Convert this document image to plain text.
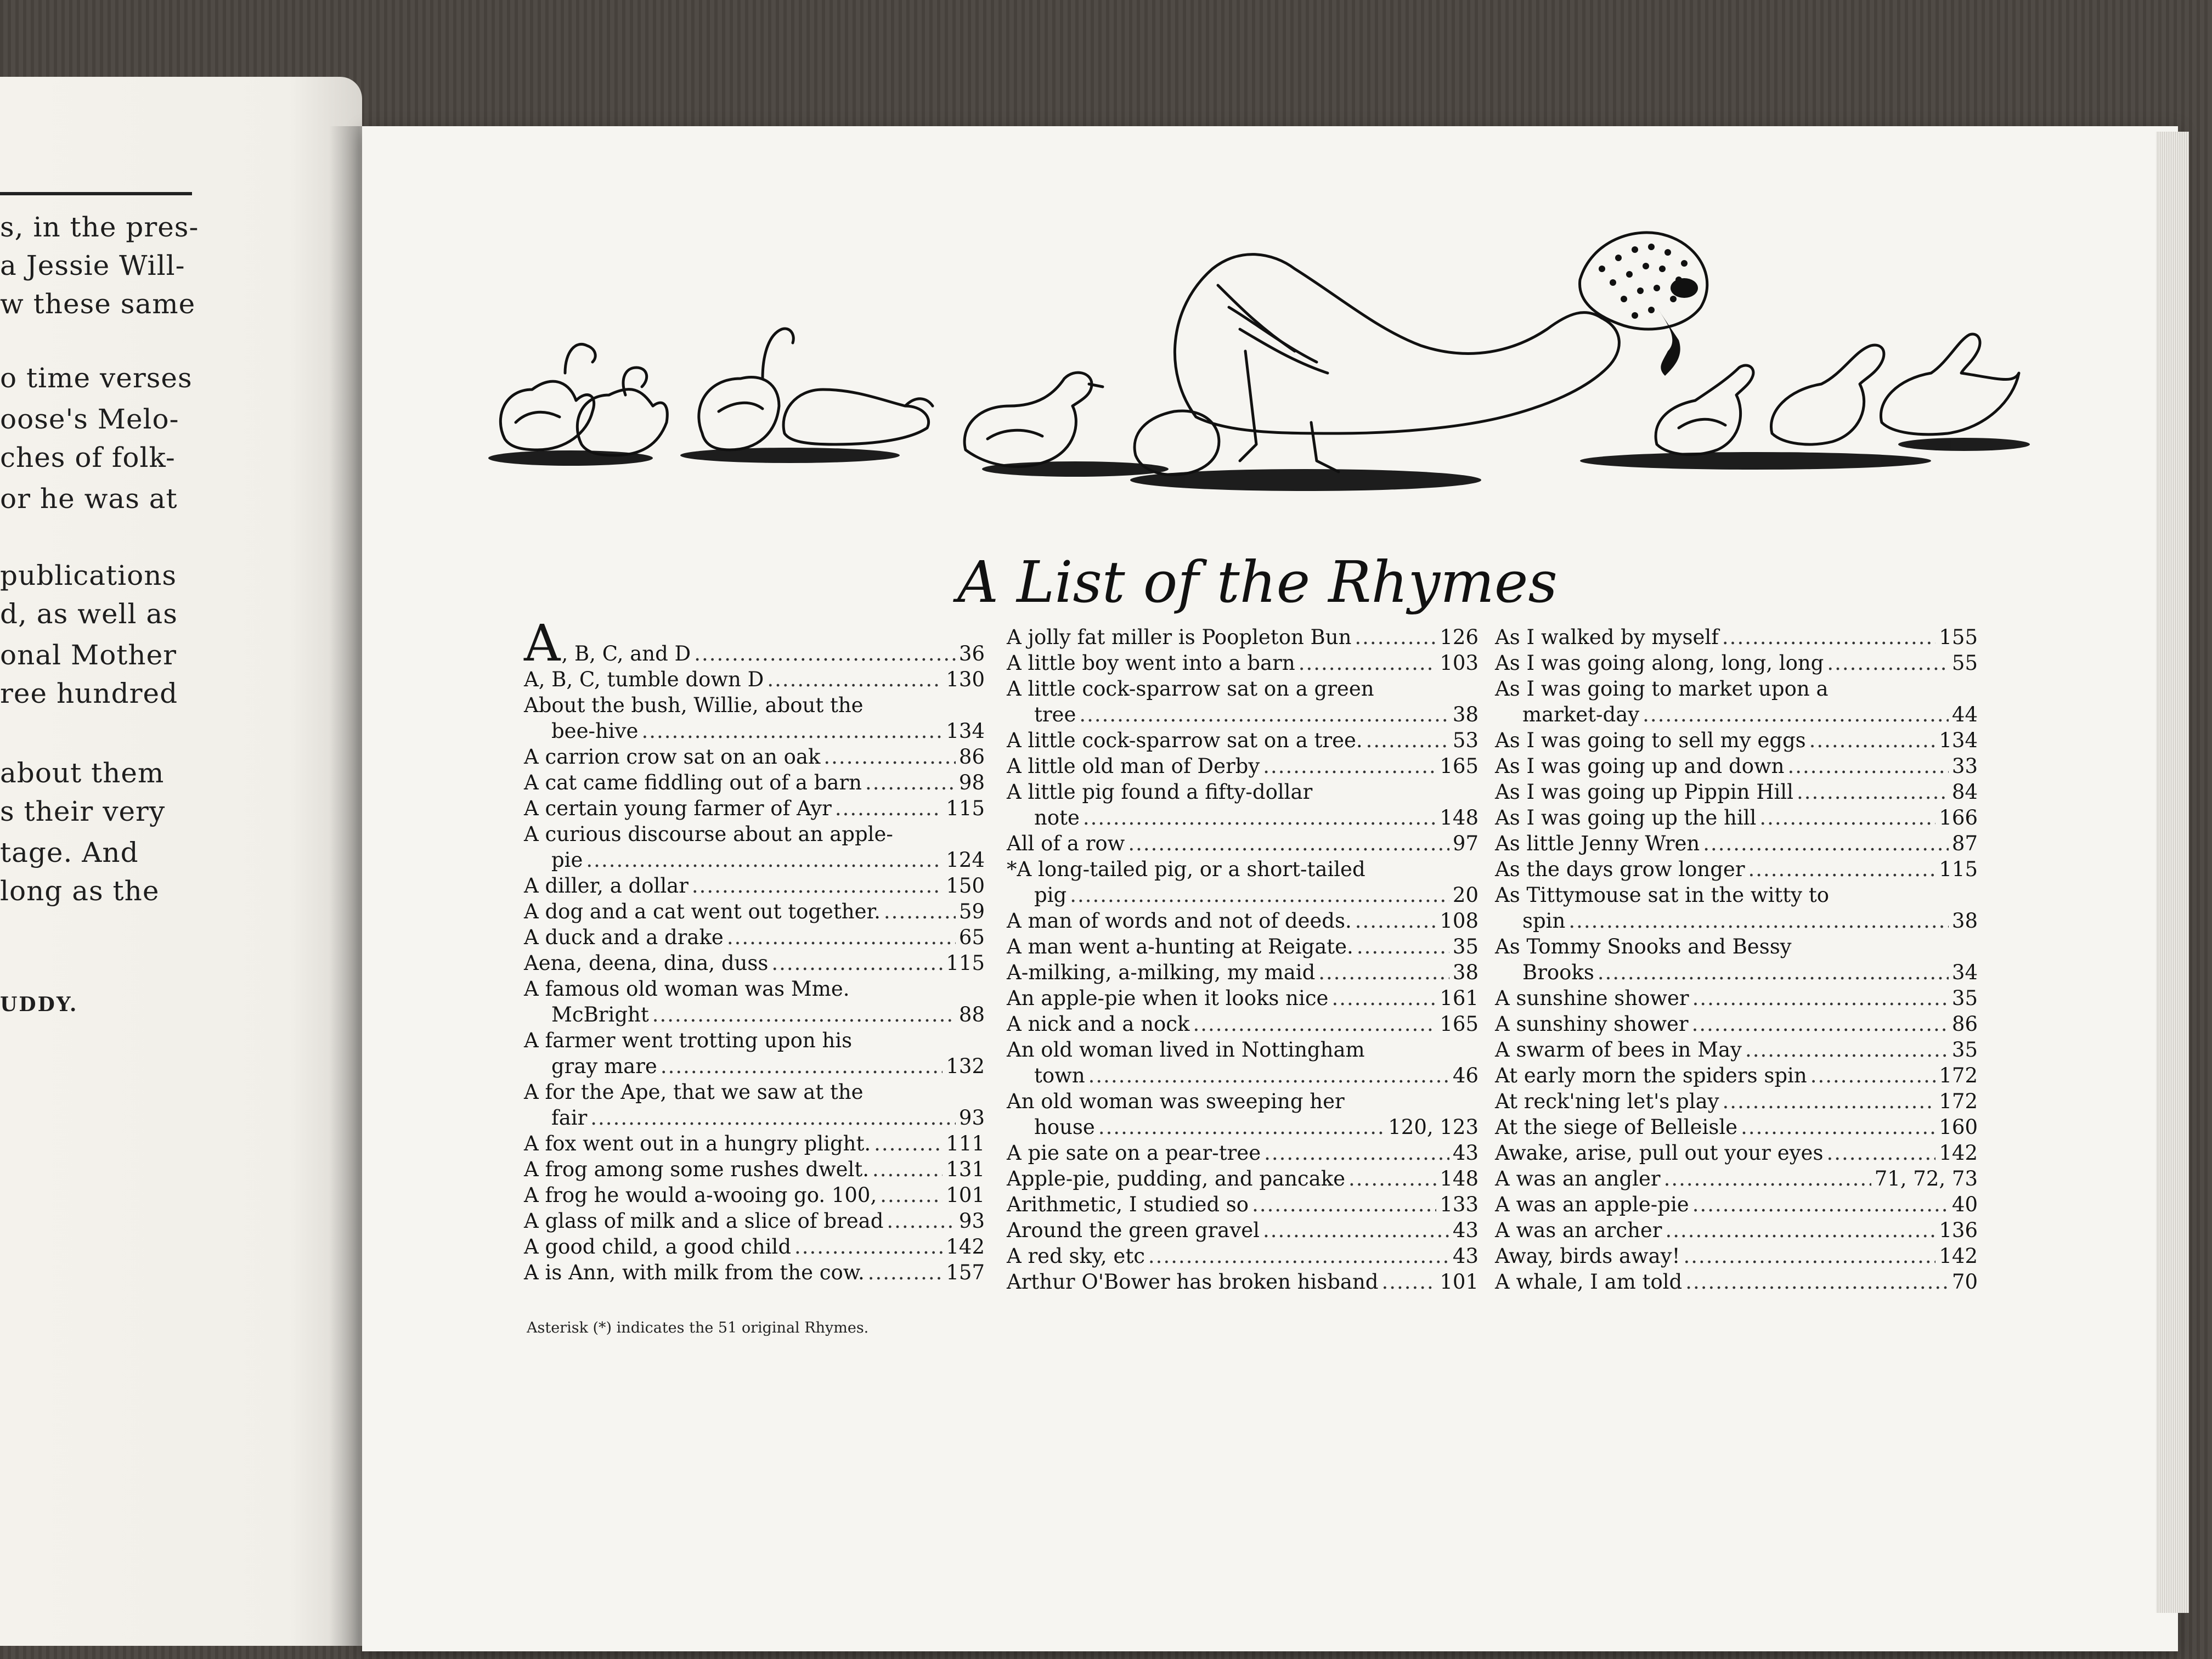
s, in the pres-
a Jessie Will-
w these same
o time verses
oose's Melo-
ches of folk-
or he was at
publications
d, as well as
onal Mother
ree hundred
about them
s their very
tage. And
long as the
UDDY.
A List of the Rhymes
A, B, C, and D .....	36
A, B, C, tumble down D .....	130
About the bush, Willie, about the
bee-hive .....	134
A carrion crow sat on an oak .....	86
A cat came fiddling out of a barn .....	98
A certain young farmer of Ayr .....	115
A curious discourse about an apple-
pie .....	124
A diller, a dollar .....	150
A dog and a cat went out together. .....	59
A duck and a drake .....	65
Aena, deena, dina, duss .....	115
A famous old woman was Mme.
McBright .....	88
A farmer went trotting upon his
gray mare .....	132
A for the Ape, that we saw at the
fair .....	93
A fox went out in a hungry plight. .....	111
A frog among some rushes dwelt. .....	131
A frog he would a-wooing go. 100, .....	101
A glass of milk and a slice of bread .....	93
A good child, a good child .....	142
A is Ann, with milk from the cow. .....	157
A jolly fat miller is Poopleton Bun .....	126
A little boy went into a barn .....	103
A little cock-sparrow sat on a green
tree .....	38
A little cock-sparrow sat on a tree. .....	53
A little old man of Derby .....	165
A little pig found a fifty-dollar
note .....	148
All of a row .....	97
*A long-tailed pig, or a short-tailed
pig .....	20
A man of words and not of deeds. .....	108
A man went a-hunting at Reigate. .....	35
A-milking, a-milking, my maid .....	38
An apple-pie when it looks nice .....	161
A nick and a nock .....	165
An old woman lived in Nottingham
town .....	46
An old woman was sweeping her
house .....	120, 123
A pie sate on a pear-tree .....	43
Apple-pie, pudding, and pancake .....	148
Arithmetic, I studied so .....	133
Around the green gravel .....	43
A red sky, etc .....	43
Arthur O'Bower has broken hisband .....	101
As I walked by myself .....	155
As I was going along, long, long .....	55
As I was going to market upon a
market-day .....	44
As I was going to sell my eggs .....	134
As I was going up and down .....	33
As I was going up Pippin Hill .....	84
As I was going up the hill .....	166
As little Jenny Wren .....	87
As the days grow longer .....	115
As Tittymouse sat in the witty to
spin .....	38
As Tommy Snooks and Bessy
Brooks .....	34
A sunshine shower .....	35
A sunshiny shower .....	86
A swarm of bees in May .....	35
At early morn the spiders spin .....	172
At reck'ning let's play .....	172
At the siege of Belleisle .....	160
Awake, arise, pull out your eyes .....	142
A was an angler .....	71, 72, 73
A was an apple-pie .....	40
A was an archer .....	136
Away, birds away! .....	142
A whale, I am told .....	70
Asterisk (*) indicates the 51 original Rhymes.
